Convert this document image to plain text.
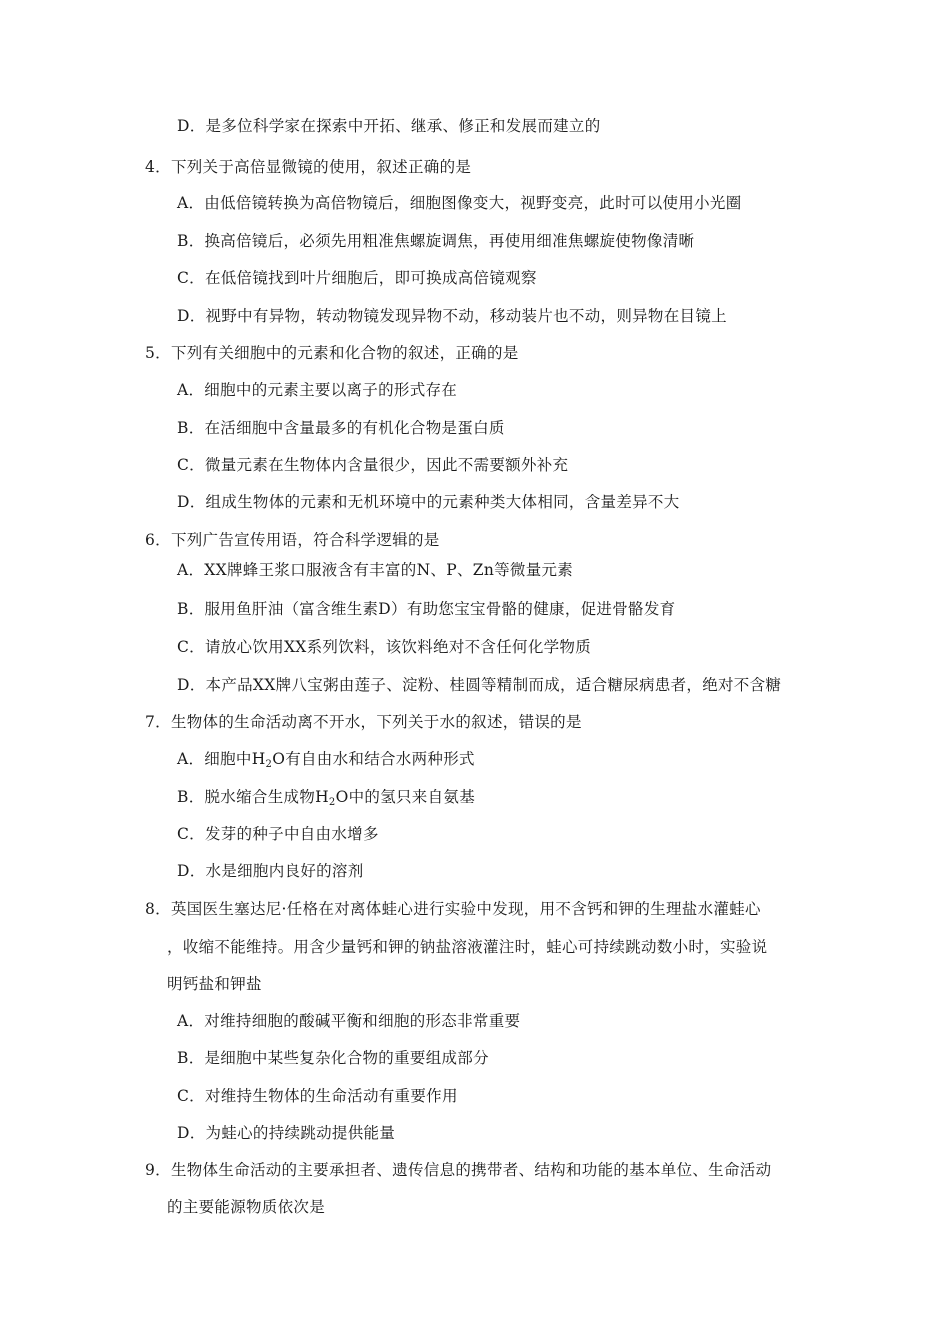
D．是多位科学家在探索中开拓、继承、修正和发展而建立的
4．下列关于高倍显微镜的使用，叙述正确的是
A．由低倍镜转换为高倍物镜后，细胞图像变大，视野变亮，此时可以使用小光圈
B．换高倍镜后，必须先用粗准焦螺旋调焦，再使用细准焦螺旋使物像清晰
C．在低倍镜找到叶片细胞后，即可换成高倍镜观察
D．视野中有异物，转动物镜发现异物不动，移动装片也不动，则异物在目镜上
5．下列有关细胞中的元素和化合物的叙述，正确的是
A．细胞中的元素主要以离子的形式存在
B．在活细胞中含量最多的有机化合物是蛋白质
C．微量元素在生物体内含量很少，因此不需要额外补充
D．组成生物体的元素和无机环境中的元素种类大体相同，含量差异不大
6．下列广告宣传用语，符合科学逻辑的是
A．XX牌蜂王浆口服液含有丰富的N、P、Zn等微量元素
B．服用鱼肝油（富含维生素D）有助您宝宝骨骼的健康，促进骨骼发育
C．请放心饮用XX系列饮料，该饮料绝对不含任何化学物质
D．本产品XX牌八宝粥由莲子、淀粉、桂圆等精制而成，适合糖尿病患者，绝对不含糖
7．生物体的生命活动离不开水，下列关于水的叙述，错误的是
A．细胞中$H_2O$有自由水和结合水两种形式
B．脱水缩合生成物$H_2O$中的氢只来自氨基
C．发芽的种子中自由水增多
D．水是细胞内良好的溶剂
8．英国医生塞达尼·任格在对离体蛙心进行实验中发现，用不含钙和钾的生理盐水灌蛙心
，收缩不能维持。用含少量钙和钾的钠盐溶液灌注时，蛙心可持续跳动数小时，实验说
明钙盐和钾盐
A．对维持细胞的酸碱平衡和细胞的形态非常重要
B．是细胞中某些复杂化合物的重要组成部分
C．对维持生物体的生命活动有重要作用
D．为蛙心的持续跳动提供能量
9．生物体生命活动的主要承担者、遗传信息的携带者、结构和功能的基本单位、生命活动
的主要能源物质依次是
